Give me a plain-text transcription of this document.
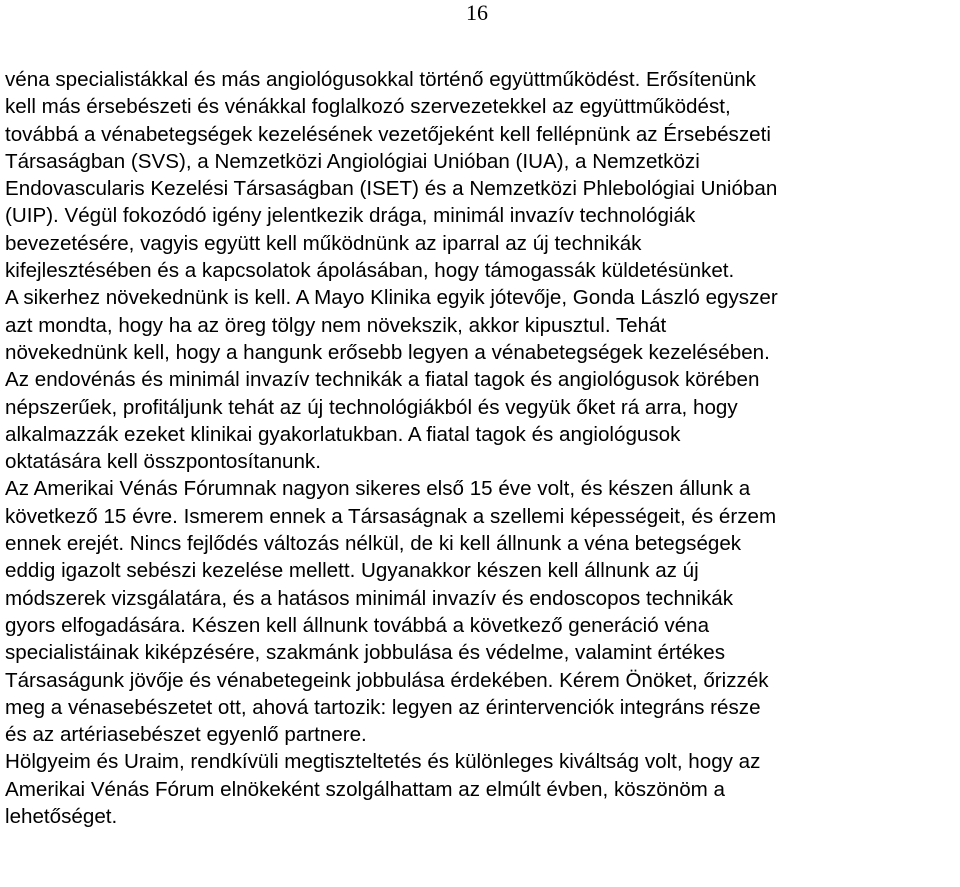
16
véna specialistákkal és más angiológusokkal történő együttműködést. Erősítenünk
kell más érsebészeti és vénákkal foglalkozó szervezetekkel az együttműködést,
továbbá a vénabetegségek kezelésének vezetőjeként kell fellépnünk az Érsebészeti
Társaságban (SVS), a Nemzetközi Angiológiai Unióban (IUA), a Nemzetközi
Endovascularis Kezelési Társaságban (ISET) és a Nemzetközi Phlebológiai Unióban
(UIP). Végül fokozódó igény jelentkezik drága, minimál invazív technológiák
bevezetésére, vagyis együtt kell működnünk az iparral az új technikák
kifejlesztésében és a kapcsolatok ápolásában, hogy támogassák küldetésünket.
A sikerhez növekednünk is kell. A Mayo Klinika egyik jótevője, Gonda László egyszer
azt mondta, hogy ha az öreg tölgy nem növekszik, akkor kipusztul. Tehát
növekednünk kell, hogy a hangunk erősebb legyen a vénabetegségek kezelésében.
Az endovénás és minimál invazív technikák a fiatal tagok és angiológusok körében
népszerűek, profitáljunk tehát az új technológiákból és vegyük őket rá arra, hogy
alkalmazzák ezeket klinikai gyakorlatukban. A fiatal tagok és angiológusok
oktatására kell összpontosítanunk.
Az Amerikai Vénás Fórumnak nagyon sikeres első 15 éve volt, és készen állunk a
következő 15 évre. Ismerem ennek a Társaságnak a szellemi képességeit, és érzem
ennek erejét. Nincs fejlődés változás nélkül, de ki kell állnunk a véna betegségek
eddig igazolt sebészi kezelése mellett. Ugyanakkor készen kell állnunk az új
módszerek vizsgálatára, és a hatásos minimál invazív és endoscopos technikák
gyors elfogadására. Készen kell állnunk továbbá a következő generáció véna
specialistáinak kiképzésére, szakmánk jobbulása és védelme, valamint értékes
Társaságunk jövője és vénabetegeink jobbulása érdekében. Kérem Önöket, őrizzék
meg a vénasebészetet ott, ahová tartozik: legyen az érintervenciók integráns része
és az artériasebészet egyenlő partnere.
Hölgyeim és Uraim, rendkívüli megtiszteltetés és különleges kiváltság volt, hogy az
Amerikai Vénás Fórum elnökeként szolgálhattam az elmúlt évben, köszönöm a
lehetőséget.
